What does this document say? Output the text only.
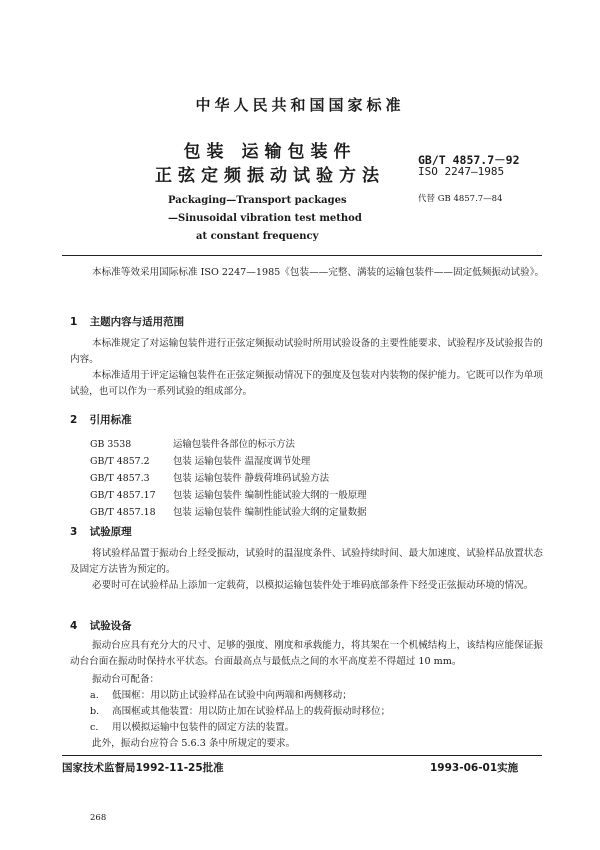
中华人民共和国国家标准
包装 运输包装件
正弦定频振动试验方法
GB/T 4857.7－92
ISO 2247—1985
代替 GB 4857.7—84
Packaging—Transport packages
—Sinusoidal vibration test method
at constant frequency
本标准等效采用国际标准 ISO 2247—1985《包装——完整、满装的运输包装件——固定低频振动试验》。
1 主题内容与适用范围
本标准规定了对运输包装件进行正弦定频振动试验时所用试验设备的主要性能要求、试验程序及试验报告的内容。
本标准适用于评定运输包装件在正弦定频振动情况下的强度及包装对内装物的保护能力。它既可以作为单项试验，也可以作为一系列试验的组成部分。
2 引用标准
GB 3538	运输包装件各部位的标示方法
GB/T 4857.2 包装 运输包装件 温湿度调节处理
GB/T 4857.3 包装 运输包装件 静载荷堆码试验方法
GB/T 4857.17 包装 运输包装件 编制性能试验大纲的一般原理
GB/T 4857.18 包装 运输包装件 编制性能试验大纲的定量数据
3 试验原理
将试验样品置于振动台上经受振动，试验时的温湿度条件、试验持续时间、最大加速度、试验样品放置状态及固定方法皆为预定的。
必要时可在试验样品上添加一定载荷，以模拟运输包装件处于堆码底部条件下经受正弦振动环境的情况。
4 试验设备
振动台应具有充分大的尺寸、足够的强度、刚度和承载能力，将其架在一个机械结构上，该结构应能保证振动台台面在振动时保持水平状态。台面最高点与最低点之间的水平高度差不得超过 10 mm。
振动台可配备：
a. 低围框：用以防止试验样品在试验中向两端和两侧移动；
b. 高围框或其他装置：用以防止加在试验样品上的载荷振动时移位；
c. 用以模拟运输中包装件的固定方法的装置。
此外，振动台应符合 5.6.3 条中所规定的要求。
国家技术监督局1992-11-25批准	1993-06-01实施
268
